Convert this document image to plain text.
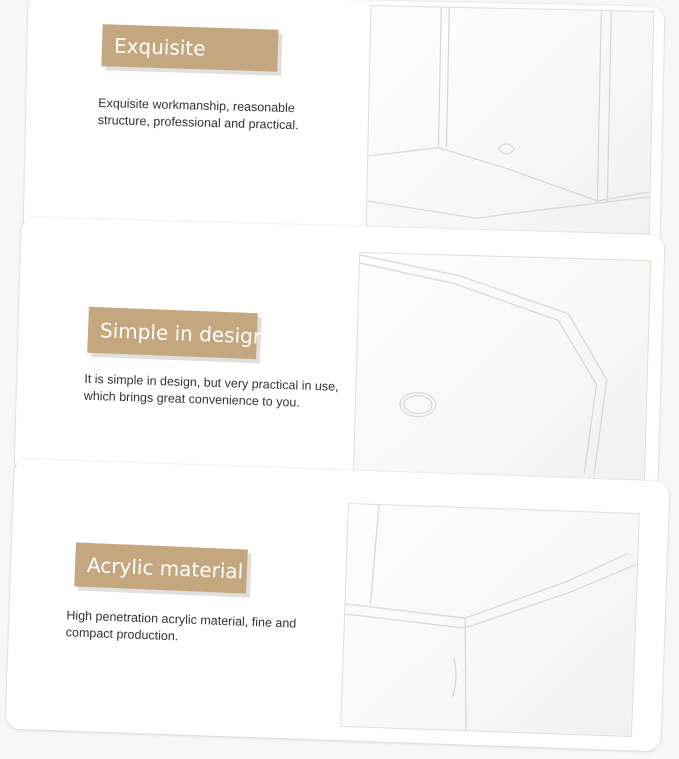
Exquisite
Exquisite workmanship, reasonable structure, professional and practical.
Simple in design
It is simple in design, but very practical in use, which brings great convenience to you.
Acrylic material
High penetration acrylic material, fine and compact production.
